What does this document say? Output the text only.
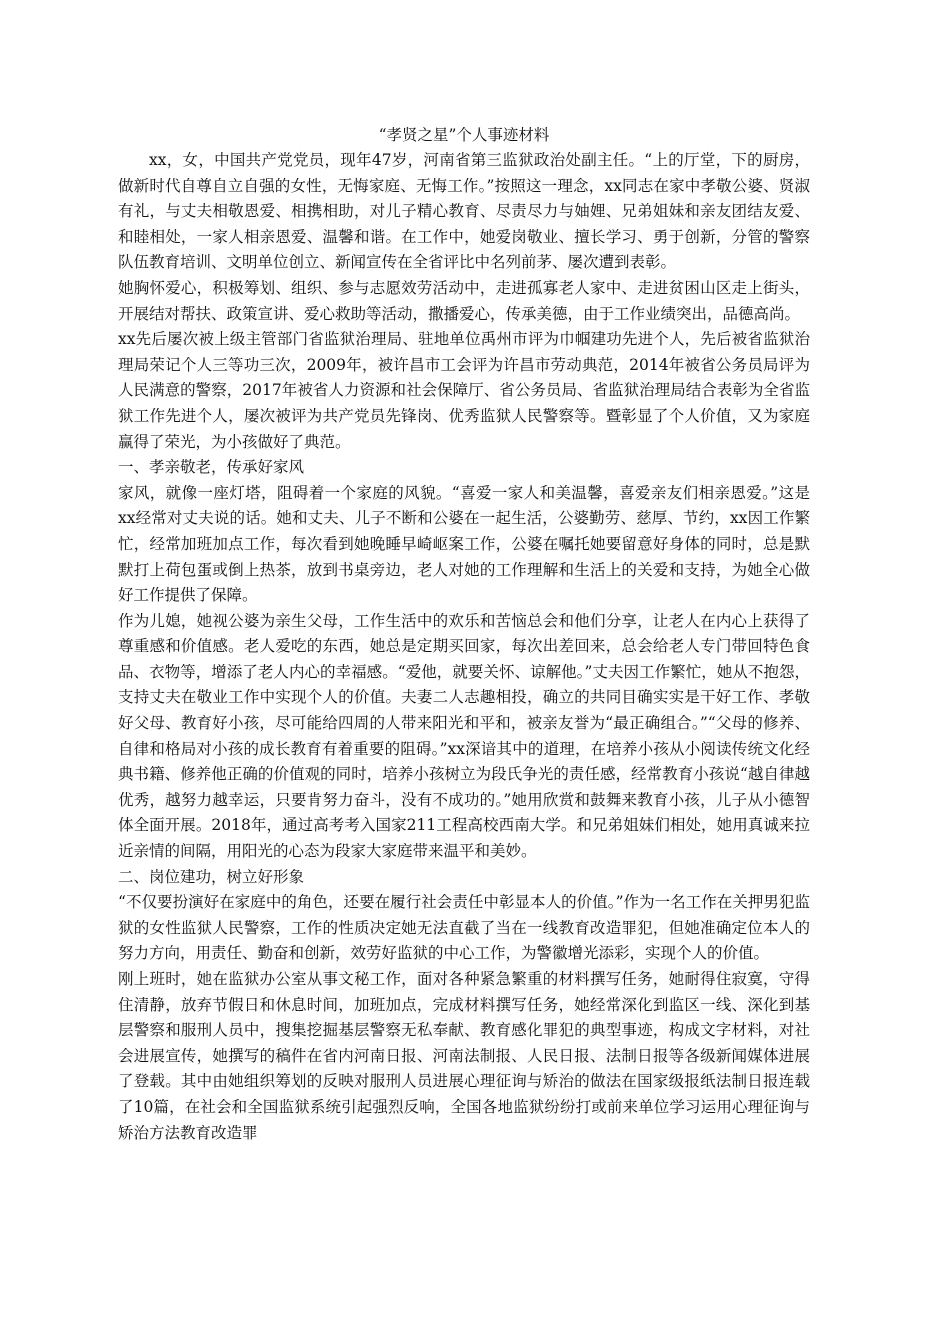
“孝贤之星”个人事迹材料

xx，女，中国共产党党员，现年47岁，河南省第三监狱政治处副主任。“上的厅堂，下的厨房，做新时代自尊自立自强的女性，无悔家庭、无悔工作。”按照这一理念，xx同志在家中孝敬公婆、贤淑有礼，与丈夫相敬恩爱、相携相助，对儿子精心教育、尽责尽力与妯娌、兄弟姐妹和亲友团结友爱、和睦相处，一家人相亲恩爱、温馨和谐。在工作中，她爱岗敬业、擅长学习、勇于创新，分管的警察队伍教育培训、文明单位创立、新闻宣传在全省评比中名列前茅、屡次遭到表彰。

她胸怀爱心，积极筹划、组织、参与志愿效劳活动中，走进孤寡老人家中、走进贫困山区走上街头，开展结对帮扶、政策宣讲、爱心救助等活动，撒播爱心，传承美德，由于工作业绩突出，品德高尚。

xx先后屡次被上级主管部门省监狱治理局、驻地单位禹州市评为巾帼建功先进个人，先后被省监狱治理局荣记个人三等功三次，2009年，被许昌市工会评为许昌市劳动典范，2014年被省公务员局评为人民满意的警察，2017年被省人力资源和社会保障厅、省公务员局、省监狱治理局结合表彰为全省监狱工作先进个人，屡次被评为共产党员先锋岗、优秀监狱人民警察等。暨彰显了个人价值，又为家庭赢得了荣光，为小孩做好了典范。

一、孝亲敬老，传承好家风

家风，就像一座灯塔，阻碍着一个家庭的风貌。“喜爱一家人和美温馨，喜爱亲友们相亲恩爱。”这是xx经常对丈夫说的话。她和丈夫、儿子不断和公婆在一起生活，公婆勤劳、慈厚、节约，xx因工作繁忙，经常加班加点工作，每次看到她晚睡早崎岖案工作，公婆在嘱托她要留意好身体的同时，总是默默打上荷包蛋或倒上热茶，放到书桌旁边，老人对她的工作理解和生活上的关爱和支持，为她全心做好工作提供了保障。

作为儿媳，她视公婆为亲生父母，工作生活中的欢乐和苦恼总会和他们分享，让老人在内心上获得了尊重感和价值感。老人爱吃的东西，她总是定期买回家，每次出差回来，总会给老人专门带回特色食品、衣物等，增添了老人内心的幸福感。“爱他，就要关怀、谅解他。”丈夫因工作繁忙，她从不抱怨，支持丈夫在敬业工作中实现个人的价值。夫妻二人志趣相投，确立的共同目确实实是干好工作、孝敬好父母、教育好小孩，尽可能给四周的人带来阳光和平和，被亲友誉为“最正确组合。”“父母的修养、自律和格局对小孩的成长教育有着重要的阻碍。”xx深谙其中的道理，在培养小孩从小阅读传统文化经典书籍、修养他正确的价值观的同时，培养小孩树立为段氏争光的责任感，经常教育小孩说“越自律越优秀，越努力越幸运，只要肯努力奋斗，没有不成功的。”她用欣赏和鼓舞来教育小孩，儿子从小德智体全面开展。2018年，通过高考考入国家211工程高校西南大学。和兄弟姐妹们相处，她用真诚来拉近亲情的间隔，用阳光的心态为段家大家庭带来温平和美妙。

二、岗位建功，树立好形象

“不仅要扮演好在家庭中的角色，还要在履行社会责任中彰显本人的价值。”作为一名工作在关押男犯监狱的女性监狱人民警察，工作的性质决定她无法直截了当在一线教育改造罪犯，但她准确定位本人的努力方向，用责任、勤奋和创新，效劳好监狱的中心工作，为警徽增光添彩，实现个人的价值。

刚上班时，她在监狱办公室从事文秘工作，面对各种紧急繁重的材料撰写任务，她耐得住寂寞，守得住清静，放弃节假日和休息时间，加班加点，完成材料撰写任务，她经常深化到监区一线、深化到基层警察和服刑人员中，搜集挖掘基层警察无私奉献、教育感化罪犯的典型事迹，构成文字材料，对社会进展宣传，她撰写的稿件在省内河南日报、河南法制报、人民日报、法制日报等各级新闻媒体进展了登载。其中由她组织筹划的反映对服刑人员进展心理征询与矫治的做法在国家级报纸法制日报连载了10篇，在社会和全国监狱系统引起强烈反响，全国各地监狱纷纷打或前来单位学习运用心理征询与矫治方法教育改造罪
